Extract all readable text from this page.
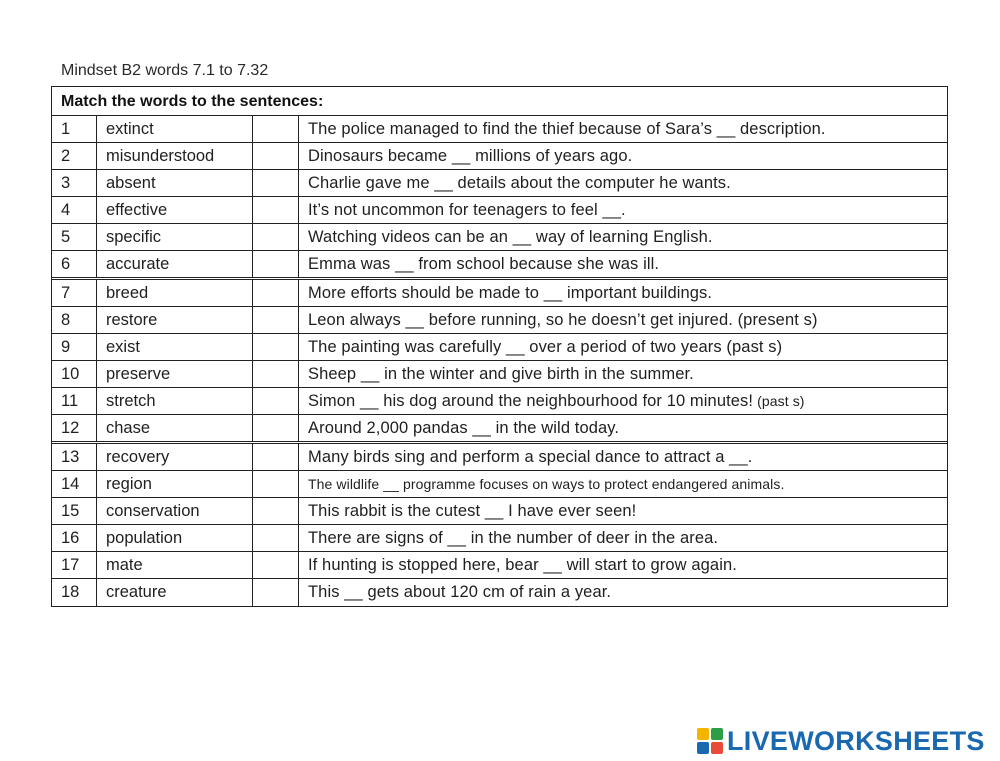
Mindset B2 words 7.1 to 7.32
Match the words to the sentences:
1	extinct	The police managed to find the thief because of Sara’s __ description.
2	misunderstood	Dinosaurs became __ millions of years ago.
3	absent	Charlie gave me __ details about the computer he wants.
4	effective	It’s not uncommon for teenagers to feel __.
5	specific	Watching videos can be an __ way of learning English.
6	accurate	Emma was __ from school because she was ill.
7	breed	More efforts should be made to __ important buildings.
8	restore	Leon always __ before running, so he doesn’t get injured. (present s)
9	exist	The painting was carefully __ over a period of two years (past s)
10	preserve	Sheep __ in the winter and give birth in the summer.
11	stretch	Simon __ his dog around the neighbourhood for 10 minutes! (past s)
12	chase	Around 2,000 pandas __ in the wild today.
13	recovery	Many birds sing and perform a special dance to attract a __.
14	region	The wildlife __ programme focuses on ways to protect endangered animals.
15	conservation	This rabbit is the cutest __ I have ever seen!
16	population	There are signs of __ in the number of deer in the area.
17	mate	If hunting is stopped here, bear __ will start to grow again.
18	creature	This __ gets about 120 cm of rain a year.
LIVEWORKSHEETS
